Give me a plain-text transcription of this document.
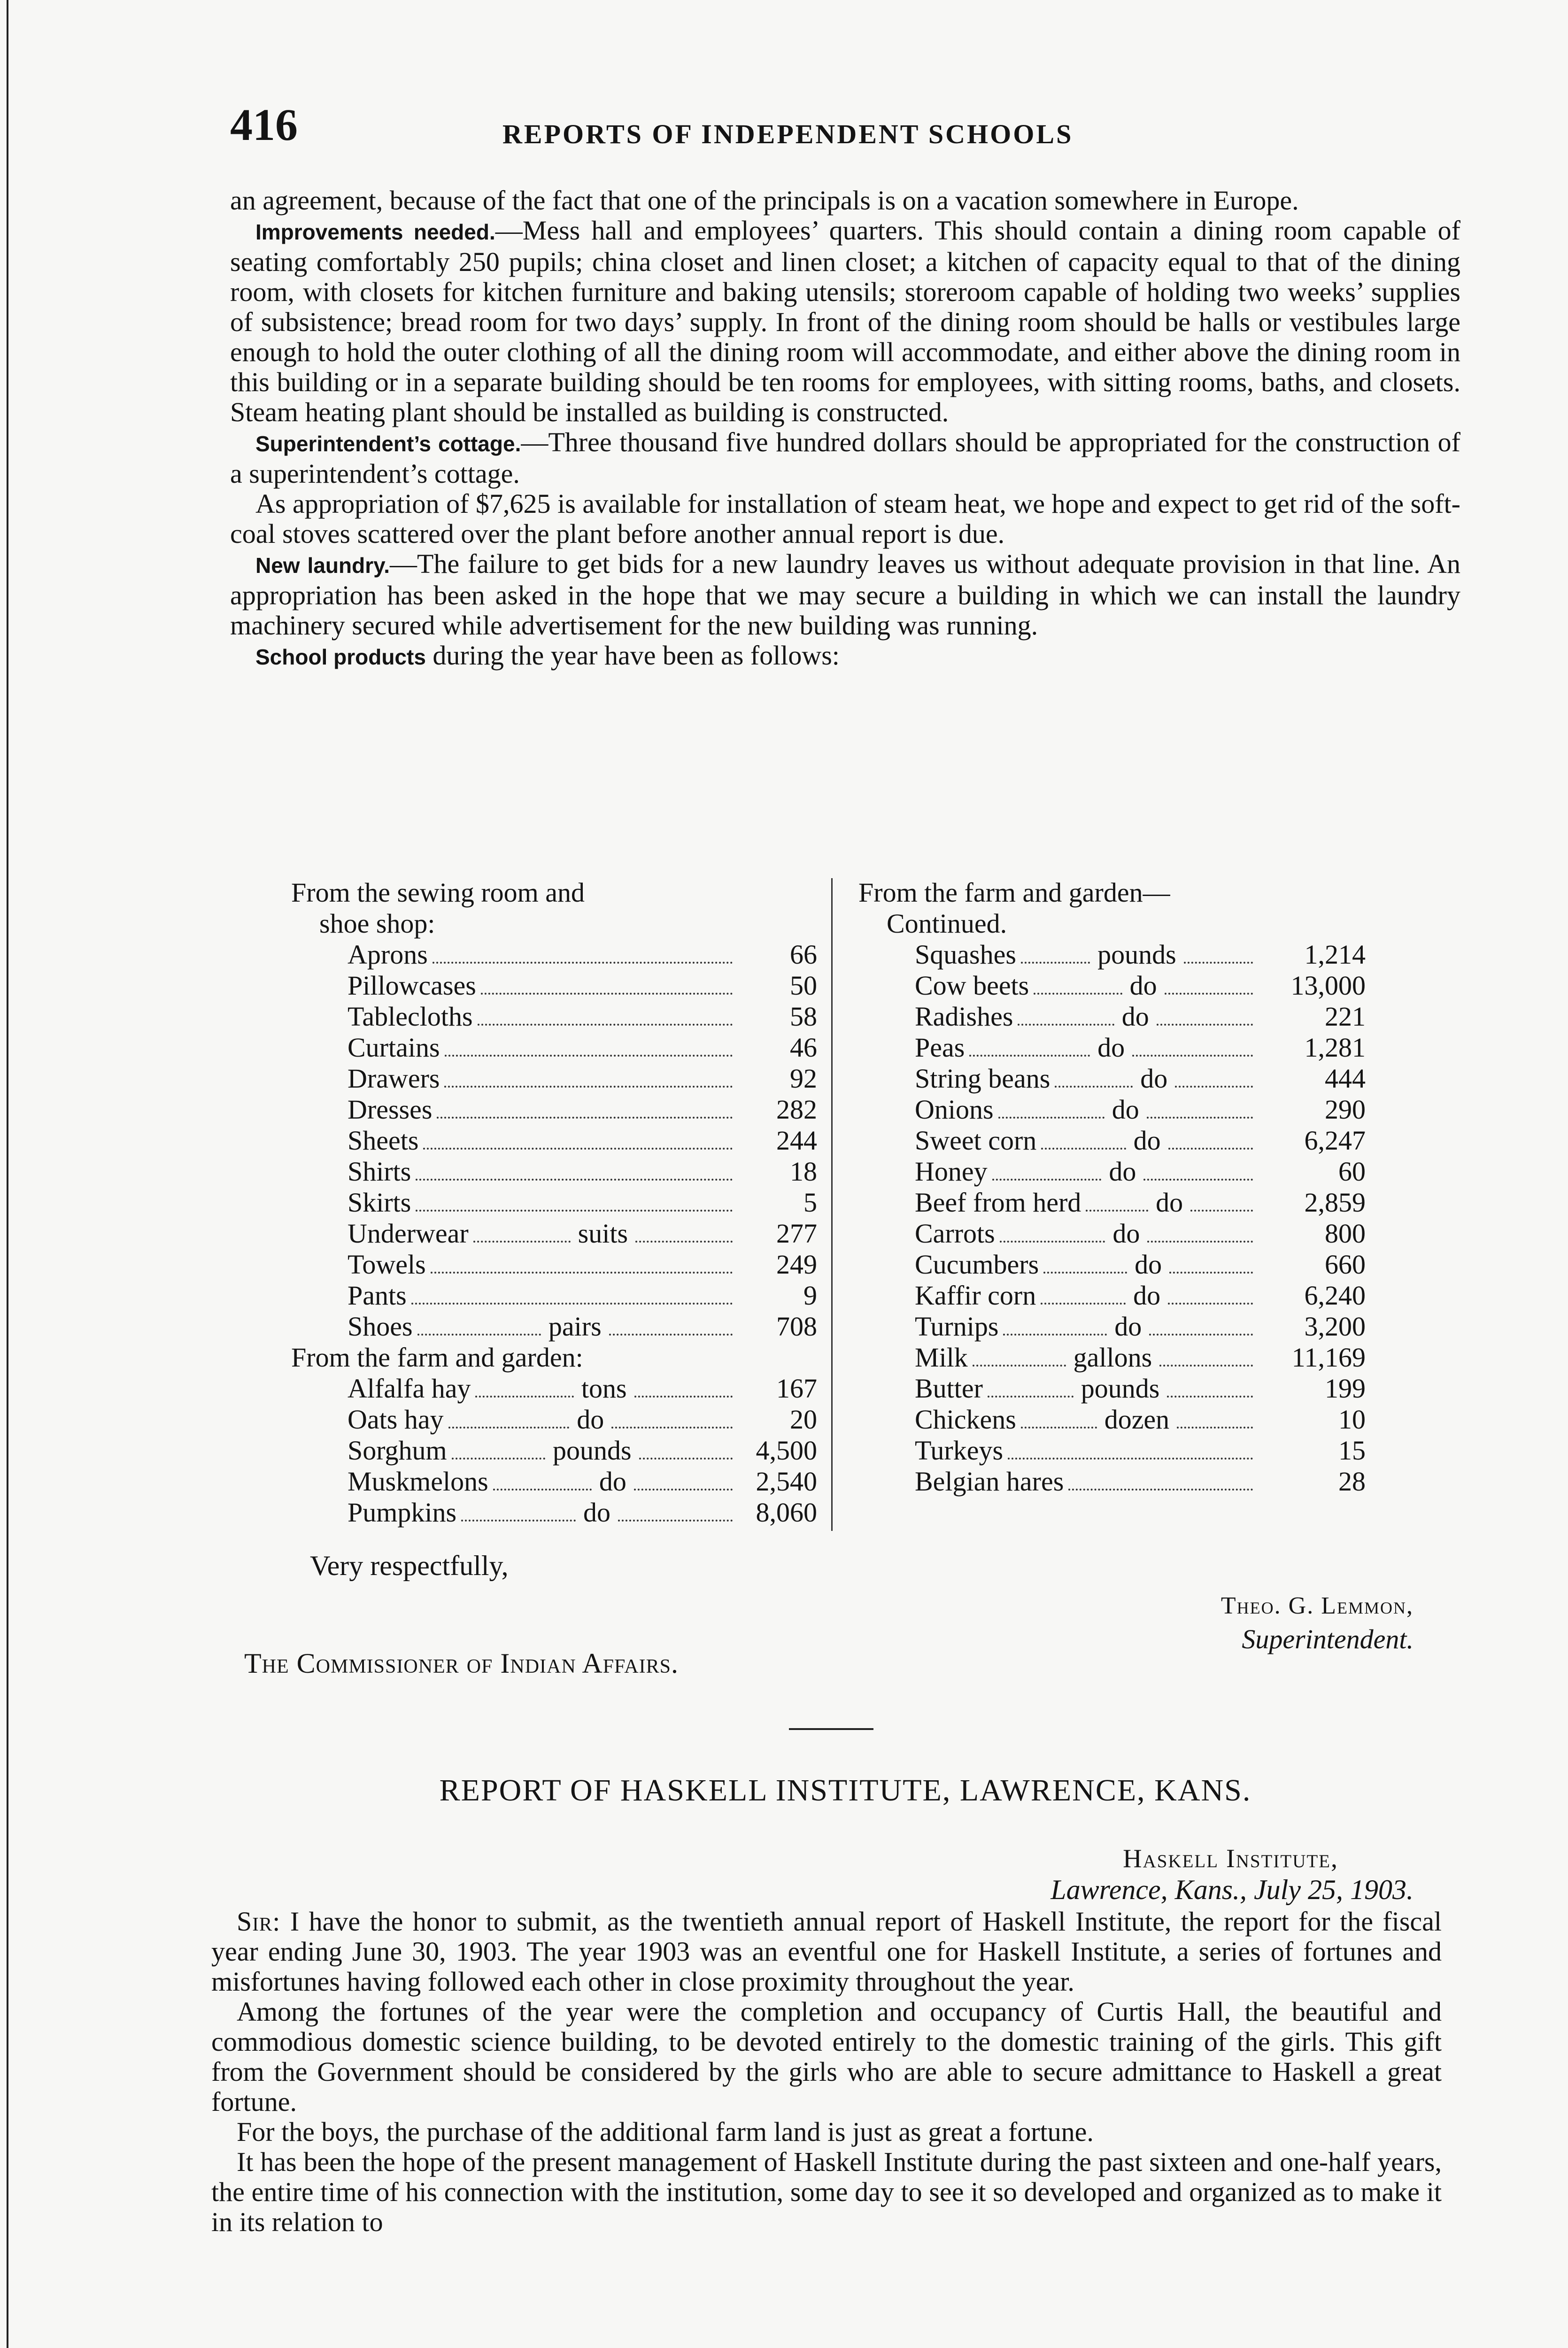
416	REPORTS OF INDEPENDENT SCHOOLS

an agreement, because of the fact that one of the principals is on a vacation somewhere in Europe.

Improvements needed.—Mess hall and employees’ quarters. This should contain a dining room capable of seating comfortably 250 pupils; china closet and linen closet; a kitchen of capacity equal to that of the dining room, with closets for kitchen furniture and baking utensils; storeroom capable of holding two weeks’ supplies of subsistence; bread room for two days’ supply. In front of the dining room should be halls or vestibules large enough to hold the outer clothing of all the dining room will accommodate, and either above the dining room in this building or in a separate building should be ten rooms for employees, with sitting rooms, baths, and closets. Steam heating plant should be installed as building is constructed.

Superintendent’s cottage.—Three thousand five hundred dollars should be appropriated for the construction of a superintendent’s cottage.

As appropriation of $7,625 is available for installation of steam heat, we hope and expect to get rid of the soft-coal stoves scattered over the plant before another annual report is due.

New laundry.—The failure to get bids for a new laundry leaves us without adequate provision in that line. An appropriation has been asked in the hope that we may secure a building in which we can install the laundry machinery secured while advertisement for the new building was running.

School products during the year have been as follows:

From the sewing room and
shoe shop:
Aprons	66
Pillowcases	50
Tablecloths	58
Curtains	46
Drawers	92
Dresses	282
Sheets	244
Shirts	18
Skirts	5
Underwear	suits	277
Towels	249
Pants	9
Shoes	pairs	708
From the farm and garden:
Alfalfa hay	tons	167
Oats hay	do	20
Sorghum	pounds	4,500
Muskmelons	do	2,540
Pumpkins	do	8,060
From the farm and garden—
Continued.
Squashes	pounds	1,214
Cow beets	do	13,000
Radishes	do	221
Peas	do	1,281
String beans	do	444
Onions	do	290
Sweet corn	do	6,247
Honey	do	60
Beef from herd	do	2,859
Carrots	do	800
Cucumbers	do	660
Kaffir corn	do	6,240
Turnips	do	3,200
Milk	gallons	11,169
Butter	pounds	199
Chickens	dozen	10
Turkeys	15
Belgian hares	28
Very respectfully,
Theo. G. Lemmon,
Superintendent.
The Commissioner of Indian Affairs.
REPORT OF HASKELL INSTITUTE, LAWRENCE, KANS.
Haskell Institute,
Lawrence, Kans., July 25, 1903.

Sir: I have the honor to submit, as the twentieth annual report of Haskell Institute, the report for the fiscal year ending June 30, 1903. The year 1903 was an eventful one for Haskell Institute, a series of fortunes and misfortunes having followed each other in close proximity throughout the year.

Among the fortunes of the year were the completion and occupancy of Curtis Hall, the beautiful and commodious domestic science building, to be devoted entirely to the domestic training of the girls. This gift from the Government should be considered by the girls who are able to secure admittance to Haskell a great fortune.

For the boys, the purchase of the additional farm land is just as great a fortune.

It has been the hope of the present management of Haskell Institute during the past sixteen and one-half years, the entire time of his connection with the institution, some day to see it so developed and organized as to make it in its relation to
